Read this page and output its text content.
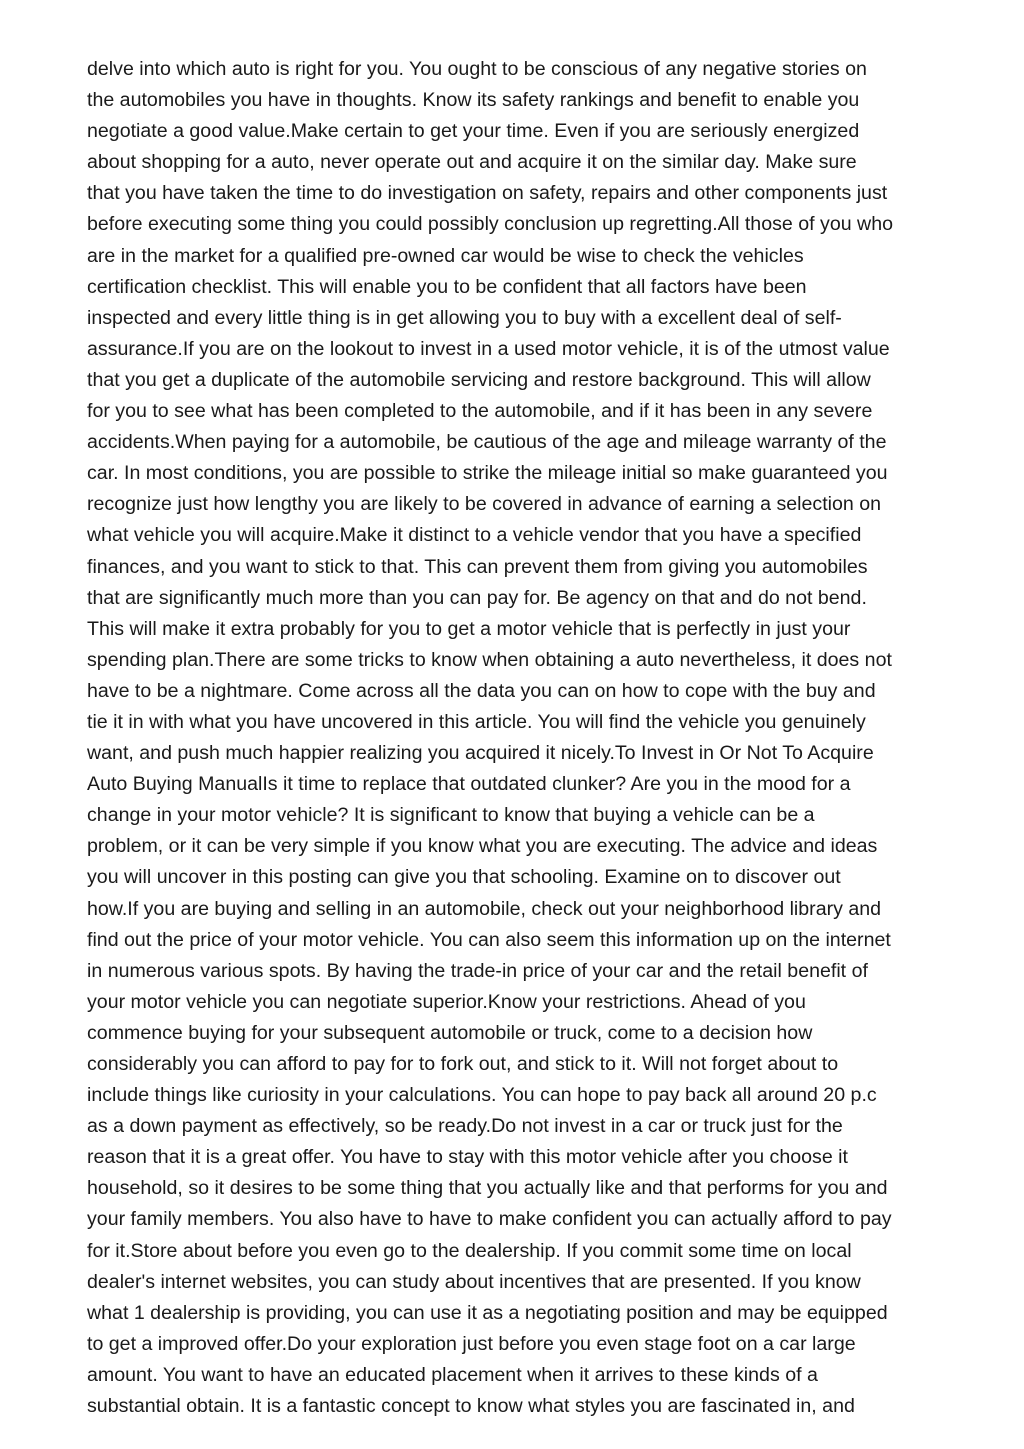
delve into which auto is right for you. You ought to be conscious of any negative stories on
the automobiles you have in thoughts. Know its safety rankings and benefit to enable you
negotiate a good value.Make certain to get your time. Even if you are seriously energized
about shopping for a auto, never operate out and acquire it on the similar day. Make sure
that you have taken the time to do investigation on safety, repairs and other components just
before executing some thing you could possibly conclusion up regretting.All those of you who
are in the market for a qualified pre-owned car would be wise to check the vehicles
certification checklist. This will enable you to be confident that all factors have been
inspected and every little thing is in get allowing you to buy with a excellent deal of self-
assurance.If you are on the lookout to invest in a used motor vehicle, it is of the utmost value
that you get a duplicate of the automobile servicing and restore background. This will allow
for you to see what has been completed to the automobile, and if it has been in any severe
accidents.When paying for a automobile, be cautious of the age and mileage warranty of the
car. In most conditions, you are possible to strike the mileage initial so make guaranteed you
recognize just how lengthy you are likely to be covered in advance of earning a selection on
what vehicle you will acquire.Make it distinct to a vehicle vendor that you have a specified
finances, and you want to stick to that. This can prevent them from giving you automobiles
that are significantly much more than you can pay for. Be agency on that and do not bend.
This will make it extra probably for you to get a motor vehicle that is perfectly in just your
spending plan.There are some tricks to know when obtaining a auto nevertheless, it does not
have to be a nightmare. Come across all the data you can on how to cope with the buy and
tie it in with what you have uncovered in this article. You will find the vehicle you genuinely
want, and push much happier realizing you acquired it nicely.To Invest in Or Not To Acquire
Auto Buying ManualIs it time to replace that outdated clunker? Are you in the mood for a
change in your motor vehicle? It is significant to know that buying a vehicle can be a
problem, or it can be very simple if you know what you are executing. The advice and ideas
you will uncover in this posting can give you that schooling. Examine on to discover out
how.If you are buying and selling in an automobile, check out your neighborhood library and
find out the price of your motor vehicle. You can also seem this information up on the internet
in numerous various spots. By having the trade-in price of your car and the retail benefit of
your motor vehicle you can negotiate superior.Know your restrictions. Ahead of you
commence buying for your subsequent automobile or truck, come to a decision how
considerably you can afford to pay for to fork out, and stick to it. Will not forget about to
include things like curiosity in your calculations. You can hope to pay back all around 20 p.c
as a down payment as effectively, so be ready.Do not invest in a car or truck just for the
reason that it is a great offer. You have to stay with this motor vehicle after you choose it
household, so it desires to be some thing that you actually like and that performs for you and
your family members. You also have to have to make confident you can actually afford to pay
for it.Store about before you even go to the dealership. If you commit some time on local
dealer's internet websites, you can study about incentives that are presented. If you know
what 1 dealership is providing, you can use it as a negotiating position and may be equipped
to get a improved offer.Do your exploration just before you even stage foot on a car large
amount. You want to have an educated placement when it arrives to these kinds of a
substantial obtain. It is a fantastic concept to know what styles you are fascinated in, and
